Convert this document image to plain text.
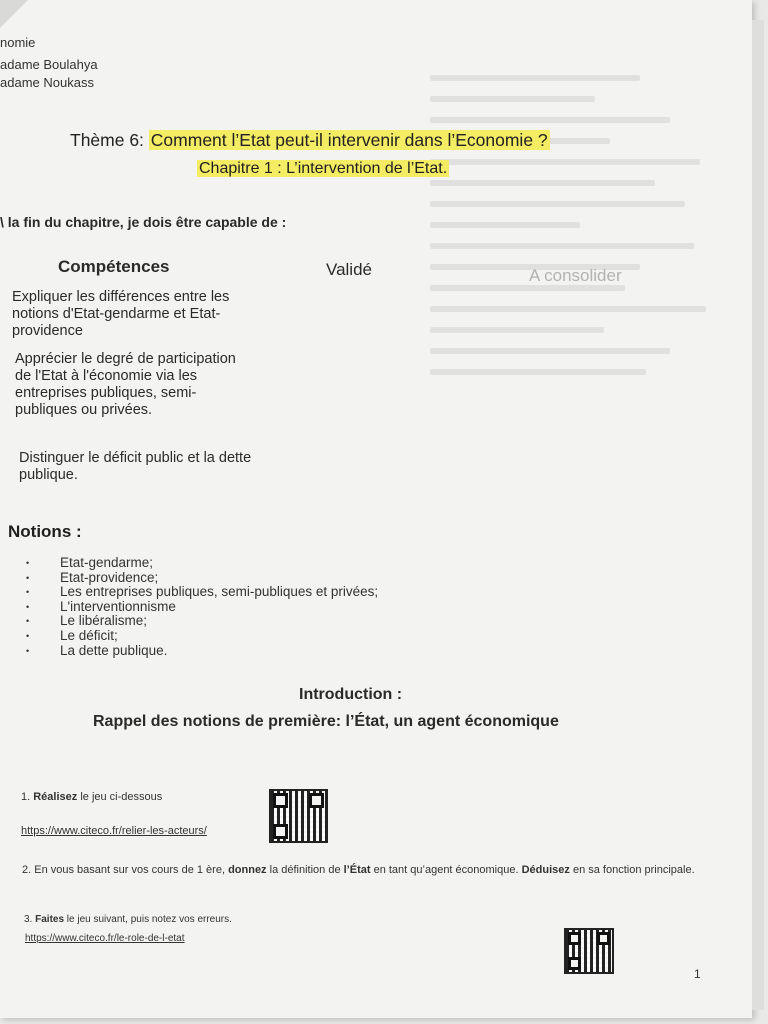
nomie
adame Boulahya
adame Noukass
Thème 6: Comment l’Etat peut-il intervenir dans l’Economie ?
Chapitre 1 : L’intervention de l’Etat.
\ la fin du chapitre, je dois être capable de :
Compétences	Validé	A consolider
Expliquer les différences entre les notions d'Etat-gendarme et Etat-providence
Apprécier le degré de participation de l'Etat à l'économie via les entreprises publiques, semi-publiques ou privées.
Distinguer le déficit public et la dette publique.
Notions :
•	Etat-gendarme;
•	Etat-providence;
•	Les entreprises publiques, semi-publiques et privées;
•	L'interventionnisme
•	Le libéralisme;
•	Le déficit;
•	La dette publique.
Introduction :
Rappel des notions de première: l’État, un agent économique
1. Réalisez le jeu ci-dessous
https://www.citeco.fr/relier-les-acteurs/
2. En vous basant sur vos cours de 1 ère, donnez la définition de l’État en tant qu’agent économique. Déduisez en sa fonction principale.
3. Faites le jeu suivant, puis notez vos erreurs.
https://www.citeco.fr/le-role-de-l-etat
1
